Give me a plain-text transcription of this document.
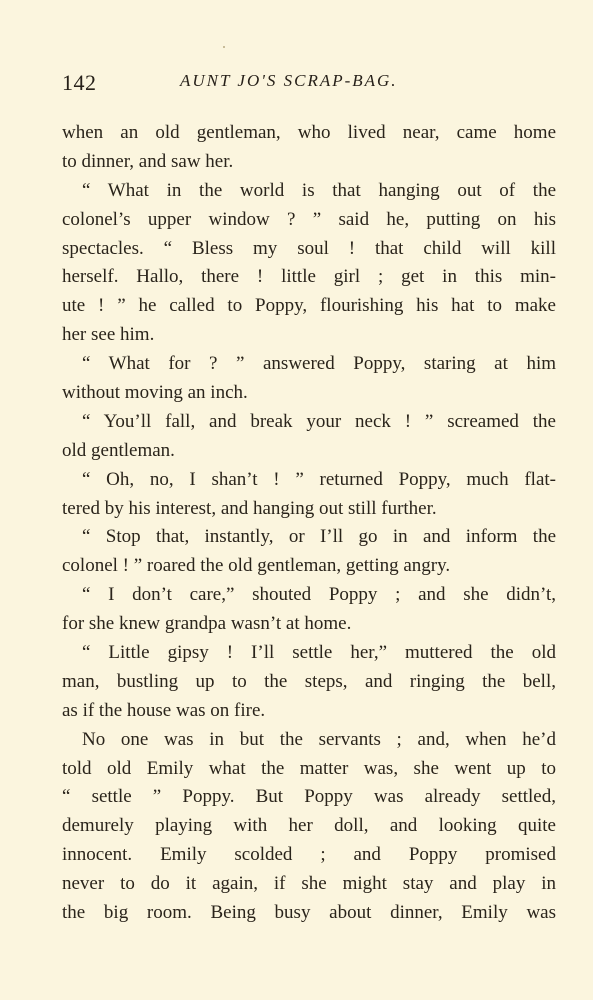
142	AUNT JO'S SCRAP-BAG.
when an old gentleman, who lived near, came home
to dinner, and saw her.
“ What in the world is that hanging out of the
colonel’s upper window ? ” said he, putting on his
spectacles. “ Bless my soul ! that child will kill
herself. Hallo, there ! little girl ; get in this min-
ute ! ” he called to Poppy, flourishing his hat to make
her see him.
“ What for ? ” answered Poppy, staring at him
without moving an inch.
“ You’ll fall, and break your neck ! ” screamed the
old gentleman.
“ Oh, no, I shan’t ! ” returned Poppy, much flat-
tered by his interest, and hanging out still further.
“ Stop that, instantly, or I’ll go in and inform the
colonel ! ” roared the old gentleman, getting angry.
“ I don’t care,” shouted Poppy ; and she didn’t,
for she knew grandpa wasn’t at home.
“ Little gipsy ! I’ll settle her,” muttered the old
man, bustling up to the steps, and ringing the bell,
as if the house was on fire.
No one was in but the servants ; and, when he’d
told old Emily what the matter was, she went up to
“ settle ” Poppy. But Poppy was already settled,
demurely playing with her doll, and looking quite
innocent. Emily scolded ; and Poppy promised
never to do it again, if she might stay and play in
the big room. Being busy about dinner, Emily was
